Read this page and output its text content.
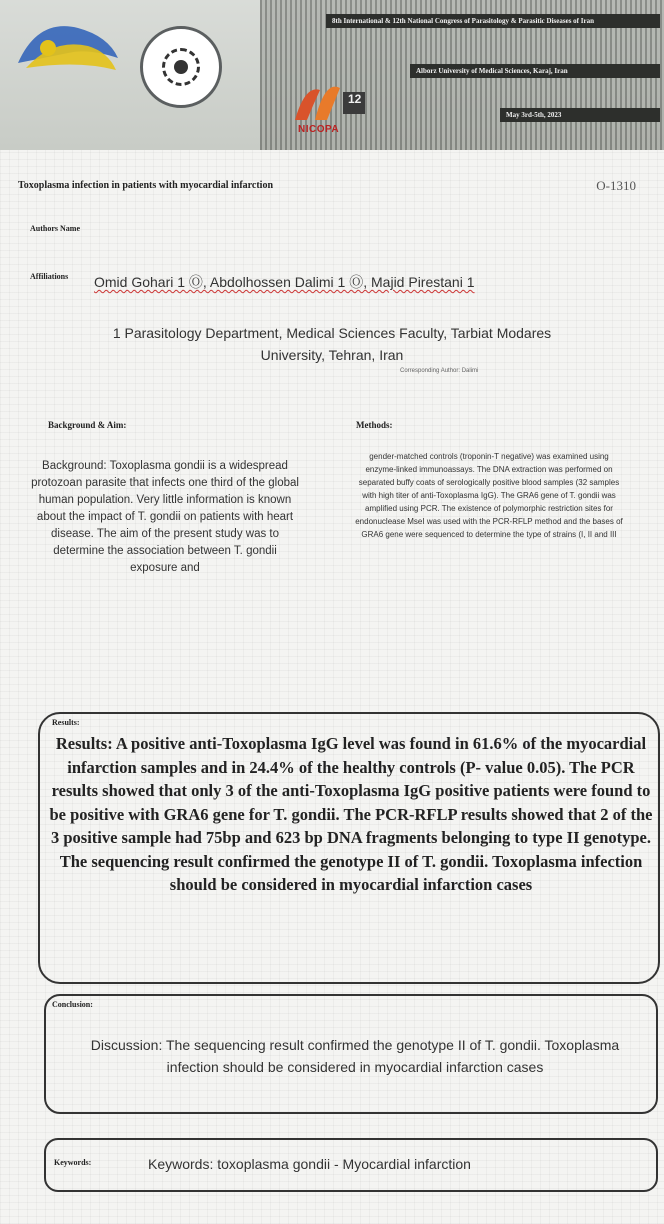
NICOPA
12
8th International & 12th National Congress of Parasitology & Parasitic Diseases of Iran
Alborz University of Medical Sciences, Karaj, Iran
May 3rd-5th, 2023
Toxoplasma infection in patients with myocardial infarction	O-1310
Authors Name
Affiliations Omid Gohari 1 Ⓞ, Abdolhossen Dalimi 1 Ⓞ, Majid Pirestani 1
1 Parasitology Department, Medical Sciences Faculty, Tarbiat Modares
University, Tehran, Iran
Corresponding Author: Dalimi
Background & Aim:	Methods:
Background: Toxoplasma gondii is a widespread protozoan parasite that infects one third of the global human population. Very little information is known about the impact of T. gondii on patients with heart disease. The aim of the present study was to determine the association between T. gondii exposure and
gender-matched controls (troponin-T negative) was examined using enzyme-linked immunoassays. The DNA extraction was performed on separated buffy coats of serologically positive blood samples (32 samples with high titer of anti-Toxoplasma IgG). The GRA6 gene of T. gondii was amplified using PCR. The existence of polymorphic restriction sites for endonuclease MseI was used with the PCR-RFLP method and the bases of GRA6 gene were sequenced to determine the type of strains (I, II and III
Results:
Results: A positive anti-Toxoplasma IgG level was found in 61.6% of the myocardial infarction samples and in 24.4% of the healthy controls (P- value 0.05). The PCR results showed that only 3 of the anti-Toxoplasma IgG positive patients were found to be positive with GRA6 gene for T. gondii. The PCR-RFLP results showed that 2 of the 3 positive sample had 75bp and 623 bp DNA fragments belonging to type II genotype. The sequencing result confirmed the genotype II of T. gondii. Toxoplasma infection should be considered in myocardial infarction cases
Conclusion:
Discussion: The sequencing result confirmed the genotype II of T. gondii. Toxoplasma infection should be considered in myocardial infarction cases
Keywords:	Keywords: toxoplasma gondii - Myocardial infarction
